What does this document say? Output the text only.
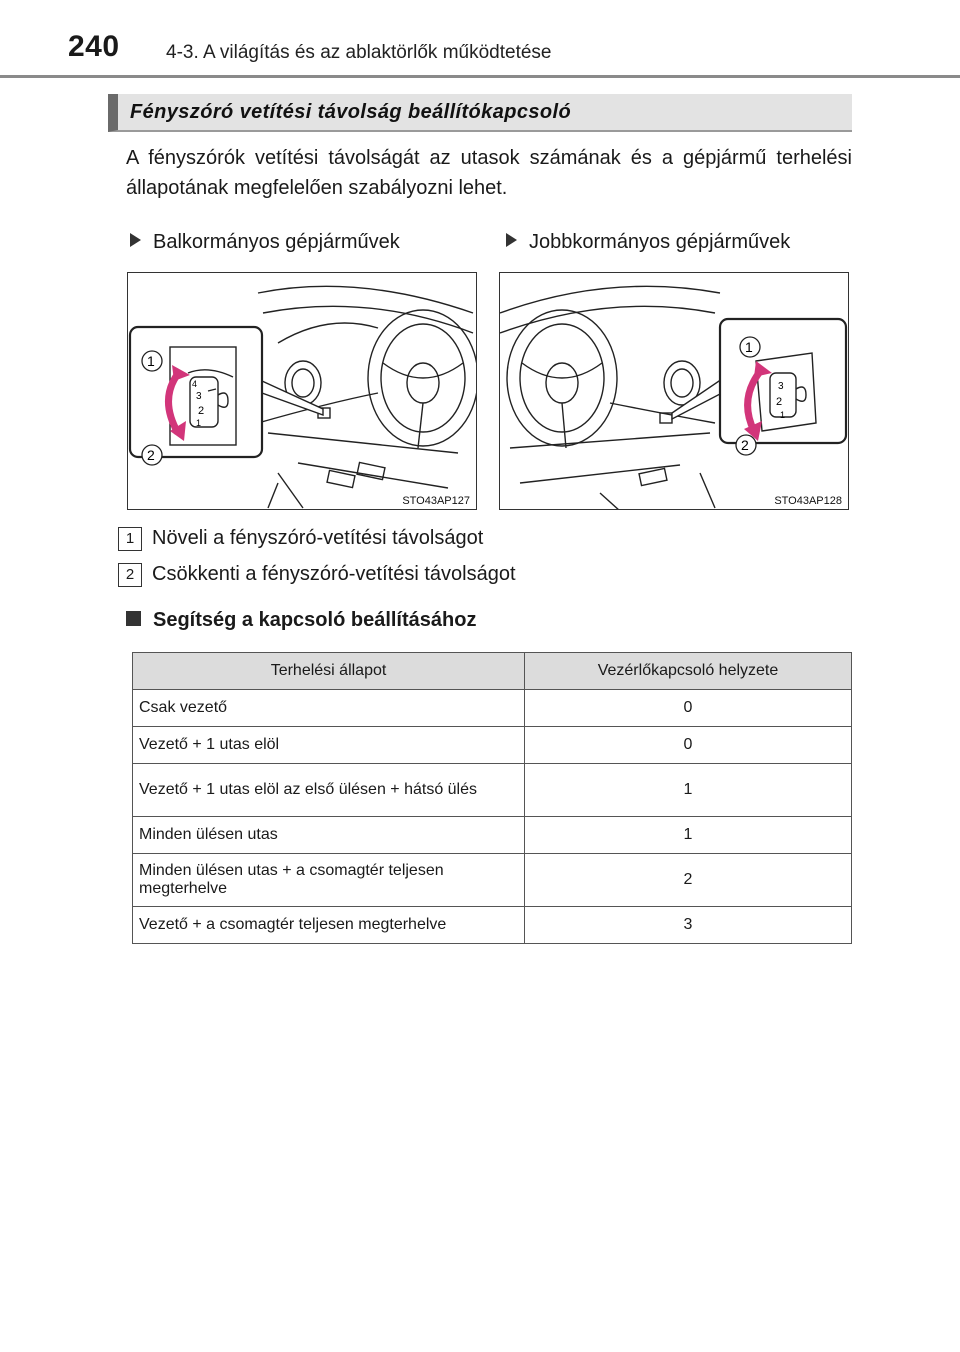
240 4-3. A világítás és az ablaktörlők működtetése
Fényszóró vetítési távolság beállítókapcsoló
A fényszórók vetítési távolságát az utasok számának és a gépjármű terhelési állapotának megfelelően szabályozni lehet.
Balkormányos gépjárművek	Jobbkormányos gépjárművek
4
3
2
1
1
2
STO43AP127
3
2
1
1
2
STO43AP128
1 Növeli a fényszóró-vetítési távolságot
2 Csökkenti a fényszóró-vetítési távolságot
Segítség a kapcsoló beállításához
Terhelési állapot	Vezérlőkapcsoló helyzete
Csak vezető	0
Vezető + 1 utas elöl	0
Vezető + 1 utas elöl az első ülésen + hátsó ülés	1
Minden ülésen utas	1
Minden ülésen utas + a csomagtér teljesen megterhelve	2
Vezető + a csomagtér teljesen megterhelve	3
